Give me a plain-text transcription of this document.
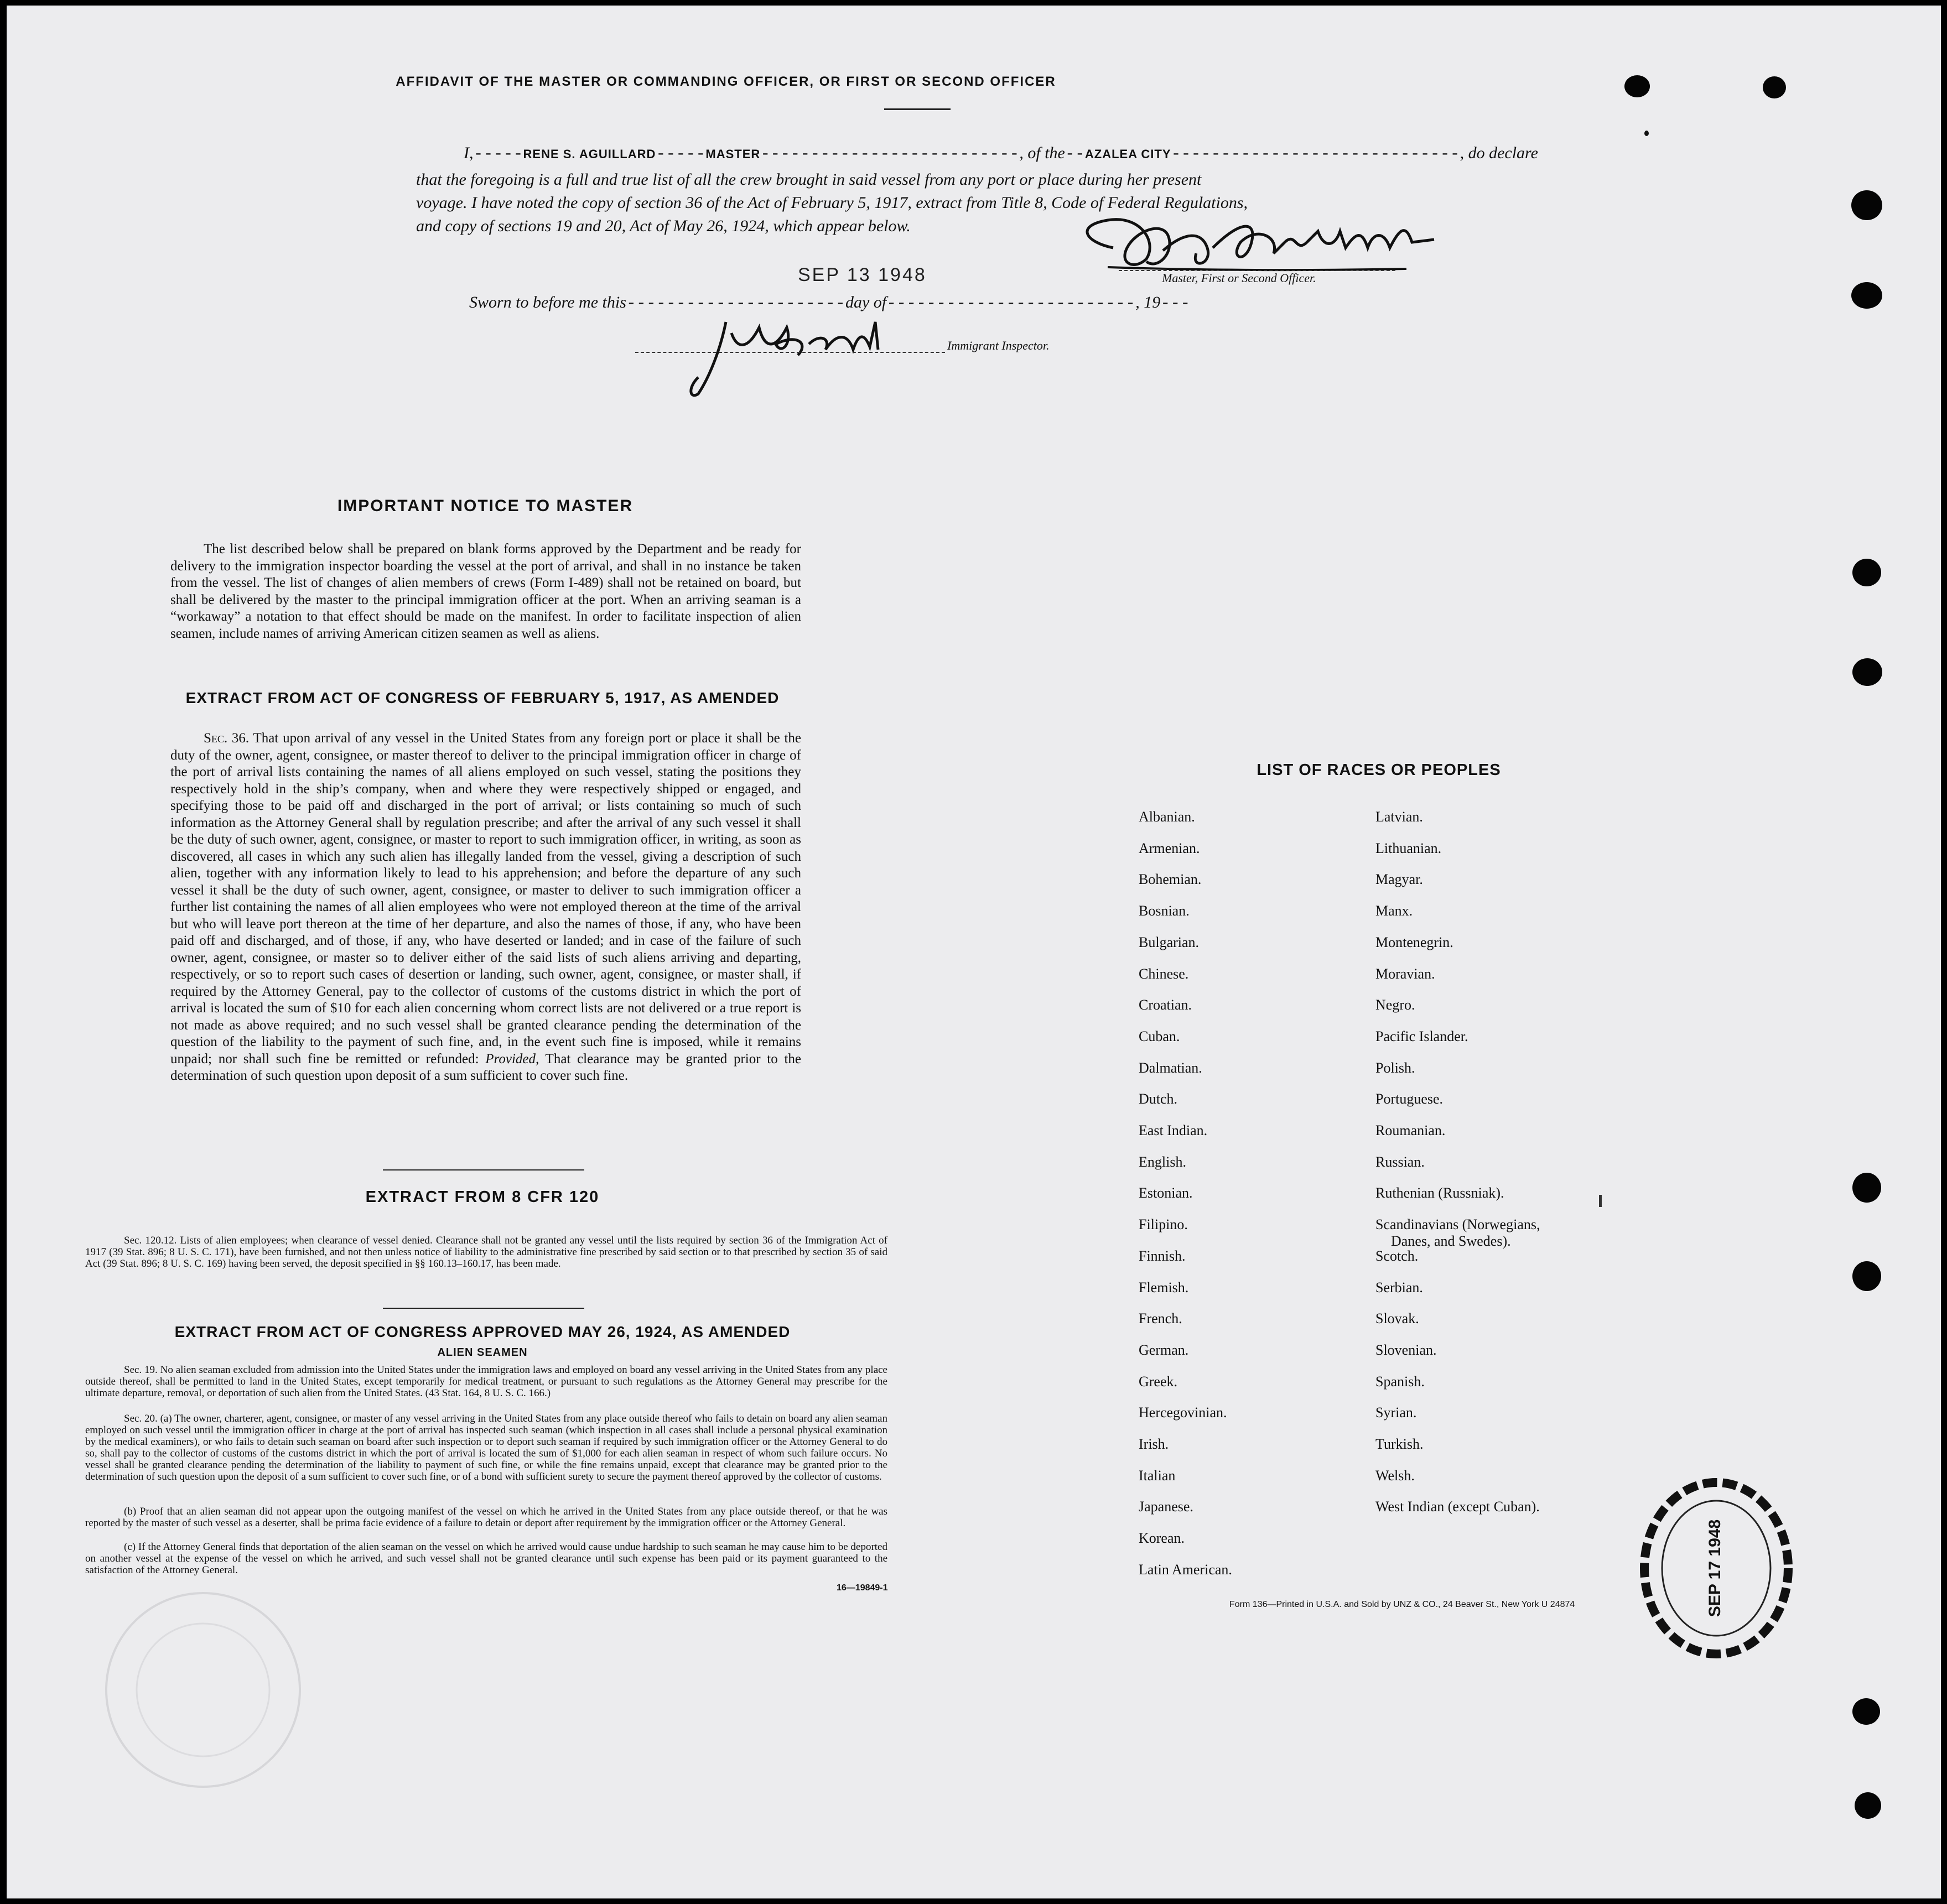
AFFIDAVIT OF THE MASTER OR COMMANDING OFFICER, OR FIRST OR SECOND OFFICER
I,-----RENE S. AGUILLARD-----MASTER--------------------------, of the--AZALEA CITY-----------------------------, do declare
that the foregoing is a full and true list of all the crew brought in said vessel from any port or place during her present
voyage. I have noted the copy of section 36 of the Act of February 5, 1917, extract from Title 8, Code of Federal Regulations,
and copy of sections 19 and 20, Act of May 26, 1924, which appear below.
Master, First or Second Officer.
SEP 13 1948
Sworn to before me this----------------------day of-------------------------, 19---
Immigrant Inspector.
IMPORTANT NOTICE TO MASTER
The list described below shall be prepared on blank forms approved by the Department and be ready for delivery to the immigration inspector boarding the vessel at the port of arrival, and shall in no instance be taken from the vessel. The list of changes of alien members of crews (Form I-489) shall not be retained on board, but shall be delivered by the master to the principal immigration officer at the port. When an arriving seaman is a “workaway” a notation to that effect should be made on the manifest. In order to facilitate inspection of alien seamen, include names of arriving American citizen seamen as well as aliens.
EXTRACT FROM ACT OF CONGRESS OF FEBRUARY 5, 1917, AS AMENDED
Sec. 36. That upon arrival of any vessel in the United States from any foreign port or place it shall be the duty of the owner, agent, consignee, or master thereof to deliver to the principal immigration officer in charge of the port of arrival lists containing the names of all aliens employed on such vessel, stating the positions they respectively hold in the ship’s company, when and where they were respectively shipped or engaged, and specifying those to be paid off and discharged in the port of arrival; or lists containing so much of such information as the Attorney General shall by regulation prescribe; and after the arrival of any such vessel it shall be the duty of such owner, agent, consignee, or master to report to such immigration officer, in writing, as soon as discovered, all cases in which any such alien has illegally landed from the vessel, giving a description of such alien, together with any information likely to lead to his apprehension; and before the departure of any such vessel it shall be the duty of such owner, agent, consignee, or master to deliver to such immigration officer a further list containing the names of all alien employees who were not employed thereon at the time of the arrival but who will leave port thereon at the time of her departure, and also the names of those, if any, who have been paid off and discharged, and of those, if any, who have deserted or landed; and in case of the failure of such owner, agent, consignee, or master so to deliver either of the said lists of such aliens arriving and departing, respectively, or so to report such cases of desertion or landing, such owner, agent, consignee, or master shall, if required by the Attorney General, pay to the collector of customs of the customs district in which the port of arrival is located the sum of $10 for each alien concerning whom correct lists are not delivered or a true report is not made as above required; and no such vessel shall be granted clearance pending the determination of the question of the liability to the payment of such fine, and, in the event such fine is imposed, while it remains unpaid; nor shall such fine be remitted or refunded: Provided, That clearance may be granted prior to the determination of such question upon deposit of a sum sufficient to cover such fine.
EXTRACT FROM 8 CFR 120
Sec. 120.12. Lists of alien employees; when clearance of vessel denied. Clearance shall not be granted any vessel until the lists required by section 36 of the Immigration Act of 1917 (39 Stat. 896; 8 U. S. C. 171), have been furnished, and not then unless notice of liability to the administrative fine prescribed by said section or to that prescribed by section 35 of said Act (39 Stat. 896; 8 U. S. C. 169) having been served, the deposit specified in §§ 160.13–160.17, has been made.
EXTRACT FROM ACT OF CONGRESS APPROVED MAY 26, 1924, AS AMENDED
ALIEN SEAMEN
Sec. 19. No alien seaman excluded from admission into the United States under the immigration laws and employed on board any vessel arriving in the United States from any place outside thereof, shall be permitted to land in the United States, except temporarily for medical treatment, or pursuant to such regulations as the Attorney General may prescribe for the ultimate departure, removal, or deportation of such alien from the United States. (43 Stat. 164, 8 U. S. C. 166.)
Sec. 20. (a) The owner, charterer, agent, consignee, or master of any vessel arriving in the United States from any place outside thereof who fails to detain on board any alien seaman employed on such vessel until the immigration officer in charge at the port of arrival has inspected such seaman (which inspection in all cases shall include a personal physical examination by the medical examiners), or who fails to detain such seaman on board after such inspection or to deport such seaman if required by such immigration officer or the Attorney General to do so, shall pay to the collector of customs of the customs district in which the port of arrival is located the sum of $1,000 for each alien seaman in respect of whom such failure occurs. No vessel shall be granted clearance pending the determination of the liability to payment of such fine, or while the fine remains unpaid, except that clearance may be granted prior to the determination of such question upon the deposit of a sum sufficient to cover such fine, or of a bond with sufficient surety to secure the payment thereof approved by the collector of customs.
(b) Proof that an alien seaman did not appear upon the outgoing manifest of the vessel on which he arrived in the United States from any place outside thereof, or that he was reported by the master of such vessel as a deserter, shall be prima facie evidence of a failure to detain or deport after requirement by the immigration officer or the Attorney General.
(c) If the Attorney General finds that deportation of the alien seaman on the vessel on which he arrived would cause undue hardship to such seaman he may cause him to be deported on another vessel at the expense of the vessel on which he arrived, and such vessel shall not be granted clearance until such expense has been paid or its payment guaranteed to the satisfaction of the Attorney General.
16—19849-1
LIST OF RACES OR PEOPLES
Albanian.
Armenian.
Bohemian.
Bosnian.
Bulgarian.
Chinese.
Croatian.
Cuban.
Dalmatian.
Dutch.
East Indian.
English.
Estonian.
Filipino.
Finnish.
Flemish.
French.
German.
Greek.
Hercegovinian.
Irish.
Italian
Japanese.
Korean.
Latin American.
Latvian.
Lithuanian.
Magyar.
Manx.
Montenegrin.
Moravian.
Negro.
Pacific Islander.
Polish.
Portuguese.
Roumanian.
Russian.
Ruthenian (Russniak).
Scandinavians (Norwegians,
Danes, and Swedes).
Scotch.
Serbian.
Slovak.
Slovenian.
Spanish.
Syrian.
Turkish.
Welsh.
West Indian (except Cuban).
Form 136—Printed in U.S.A. and Sold by UNZ & CO., 24 Beaver St., New York U 24874	SEP 17 1948
